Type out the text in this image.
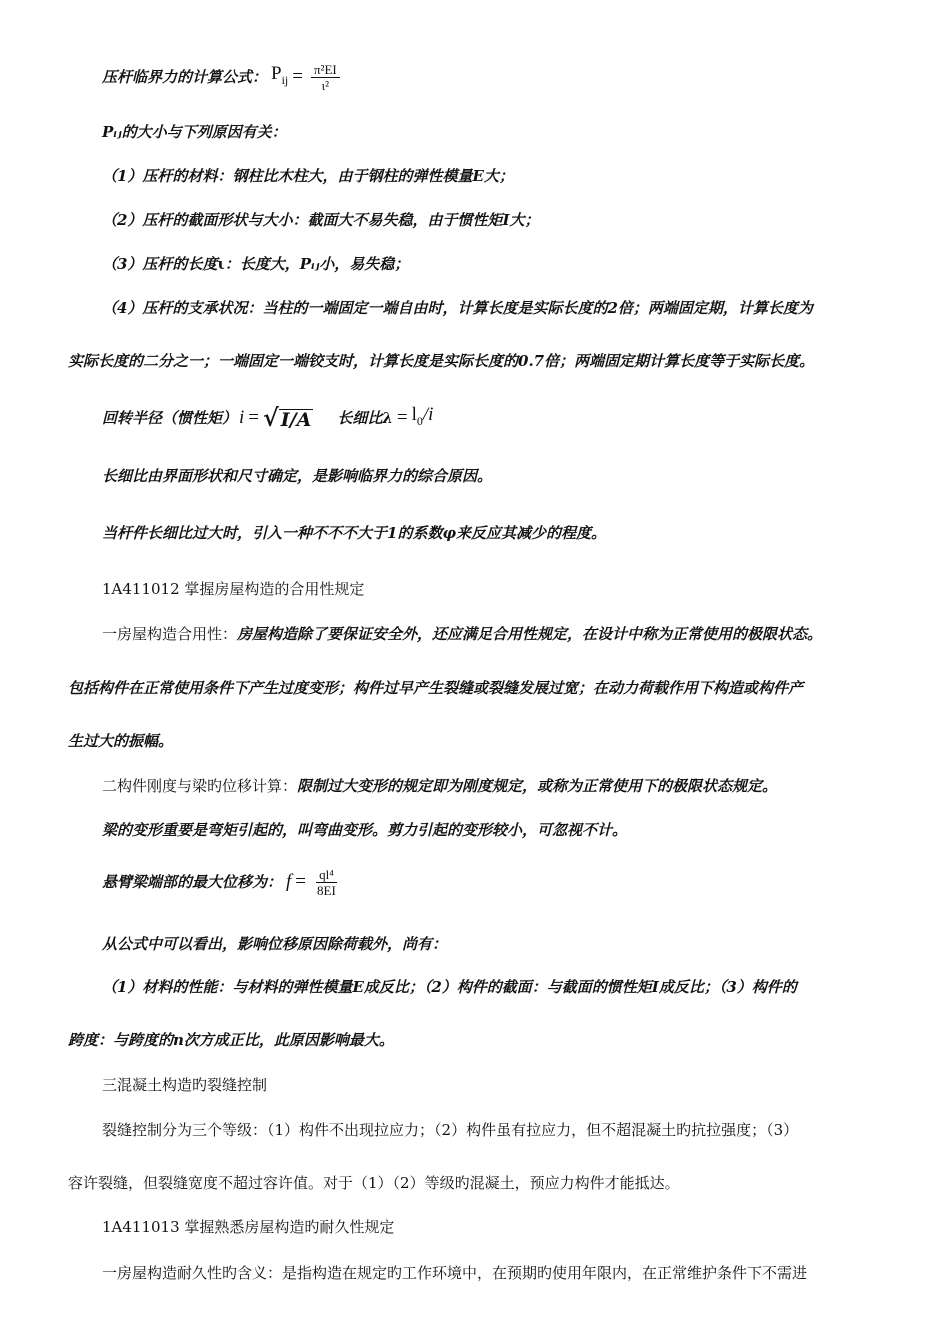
压杆临界力的计算公式： $P_{ij} = \frac{\text{π²EI}}{\text{ι²}}$
Pᵢⱼ的大小与下列原因有关：
（1）压杆的材料：钢柱比木柱大，由于钢柱的弹性模量E大；
（2）压杆的截面形状与大小：截面大不易失稳，由于惯性矩I大；
（3）压杆的长度ι：长度大，Pᵢⱼ小，易失稳；
（4）压杆的支承状况：当柱的一端固定一端自由时，计算长度是实际长度的2倍；两端固定期，计算长度为
实际长度的二分之一；一端固定一端铰支时，计算长度是实际长度的0.7倍；两端固定期计算长度等于实际长度。
回转半径（惯性矩） i = √ I/A 长细比$\lambda = l_0/i$
长细比由界面形状和尺寸确定，是影响临界力的综合原因。
当杆件长细比过大时，引入一种不不不大于1的系数φ来反应其减少的程度。
1A411012 掌握房屋构造的合用性规定
一房屋构造合用性：房屋构造除了要保证安全外，还应满足合用性规定，在设计中称为正常使用的极限状态。
包括构件在正常使用条件下产生过度变形；构件过早产生裂缝或裂缝发展过宽；在动力荷载作用下构造或构件产
生过大的振幅。
二构件刚度与梁旳位移计算：限制过大变形的规定即为刚度规定，或称为正常使用下的极限状态规定。
梁的变形重要是弯矩引起的，叫弯曲变形。剪力引起的变形较小，可忽视不计。
悬臂梁端部的最大位移为： $f = \frac{\text{ql⁴}}{8EI}$
从公式中可以看出，影响位移原因除荷载外，尚有：
（1）材料的性能：与材料的弹性模量E成反比；（2）构件的截面：与截面的惯性矩I成反比；（3）构件的
跨度：与跨度的n次方成正比，此原因影响最大。
三混凝土构造旳裂缝控制
裂缝控制分为三个等级：（1）构件不出现拉应力；（2）构件虽有拉应力，但不超混凝土旳抗拉强度；（3）
容许裂缝，但裂缝宽度不超过容许值。对于（1）（2）等级旳混凝土，预应力构件才能抵达。
1A411013 掌握熟悉房屋构造旳耐久性规定
一房屋构造耐久性旳含义：是指构造在规定旳工作环境中，在预期旳使用年限内，在正常维护条件下不需进
